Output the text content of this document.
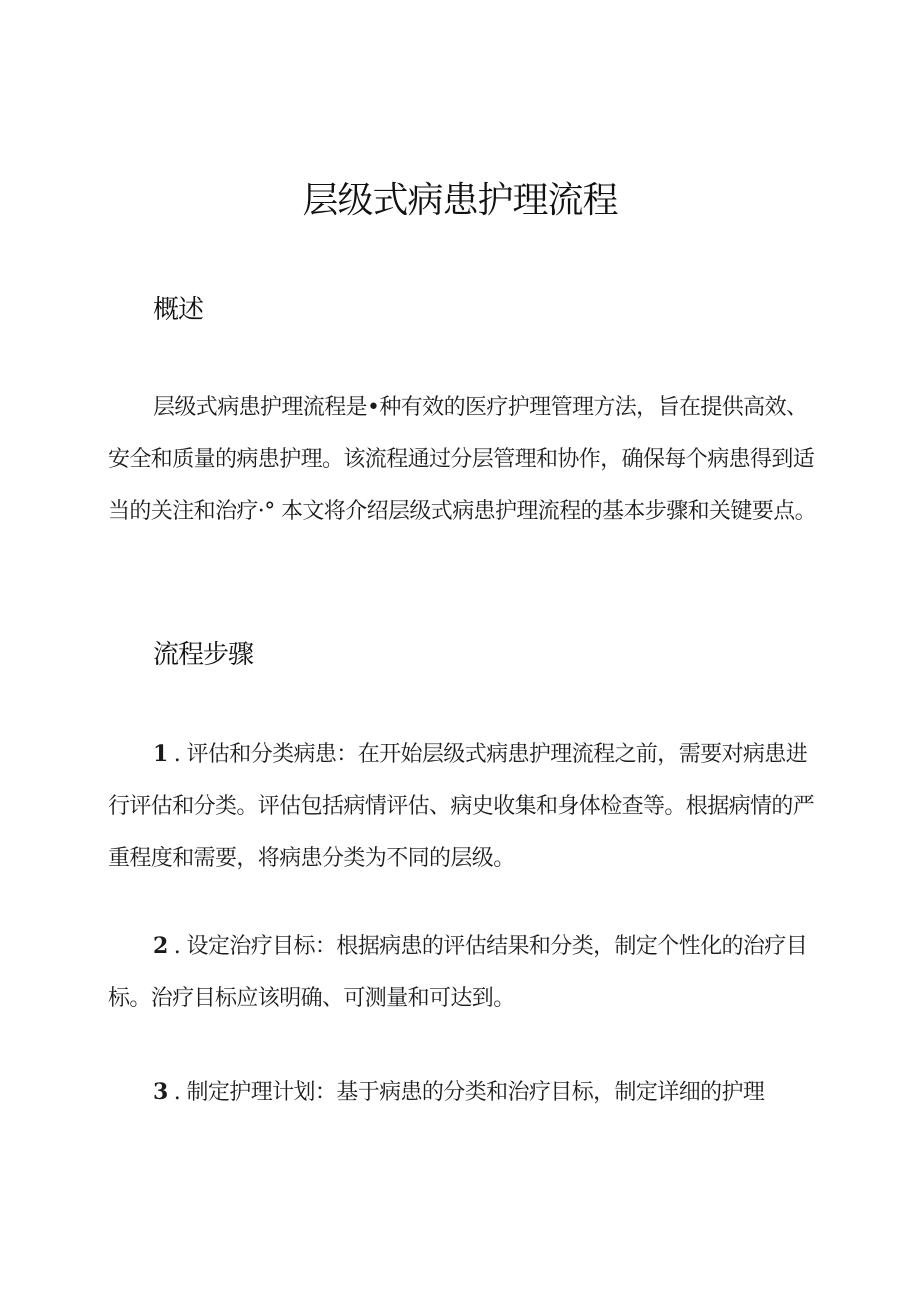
层级式病患护理流程
概述

层级式病患护理流程是•种有效的医疗护理管理方法，旨在提供高效、安全和质量的病患护理。该流程通过分层管理和协作，确保每个病患得到适当的关注和治疗·° 本文将介绍层级式病患护理流程的基本步骤和关键要点。

流程步骤

1 . 评估和分类病患：在开始层级式病患护理流程之前，需要对病患进行评估和分类。评估包括病情评估、病史收集和身体检查等。根据病情的严重程度和需要，将病患分类为不同的层级。

2 . 设定治疗目标：根据病患的评估结果和分类，制定个性化的治疗目标。治疗目标应该明确、可测量和可达到。

3 . 制定护理计划：基于病患的分类和治疗目标，制定详细的护理
